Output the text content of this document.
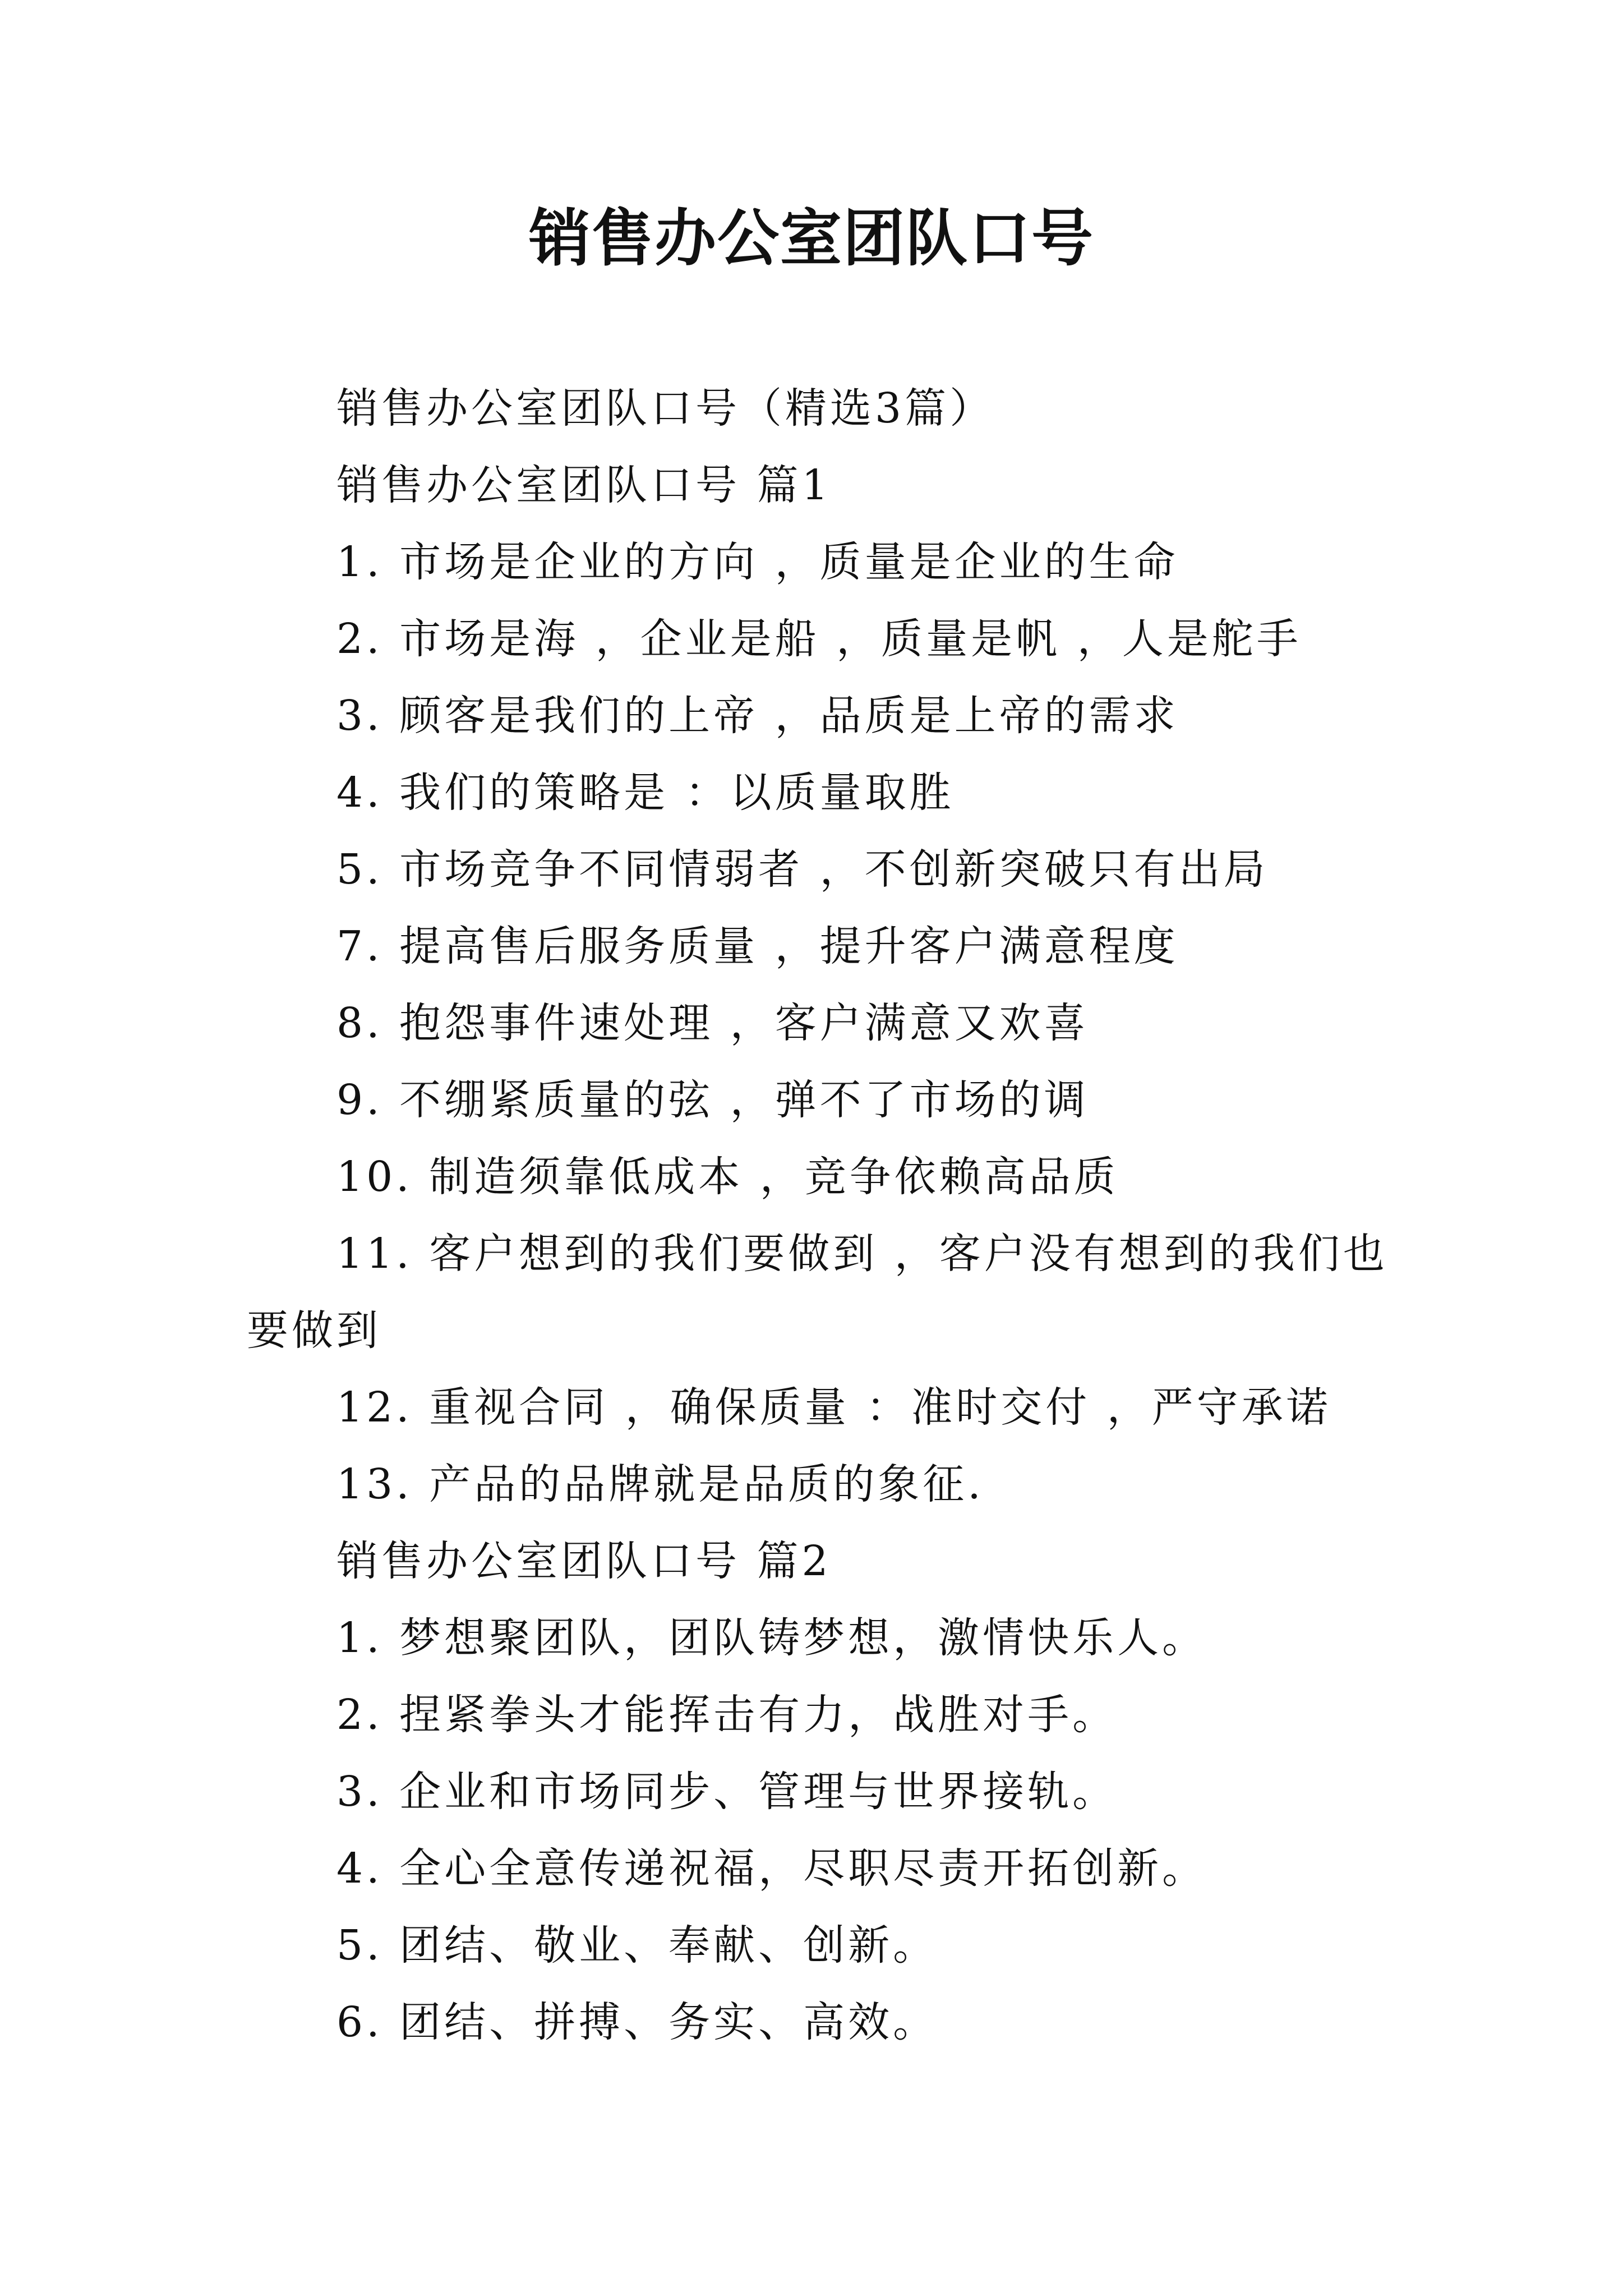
销售办公室团队口号
销售办公室团队口号（精选3篇）
销售办公室团队口号 篇1
1. 市场是企业的方向 ，质量是企业的生命
2. 市场是海 ，企业是船 ，质量是帆 ，人是舵手
3. 顾客是我们的上帝 ，品质是上帝的需求
4. 我们的策略是 ：以质量取胜
5. 市场竞争不同情弱者 ，不创新突破只有出局
7. 提高售后服务质量 ，提升客户满意程度
8. 抱怨事件速处理 ，客户满意又欢喜
9. 不绷紧质量的弦 ，弹不了市场的调
10. 制造须靠低成本 ，竞争依赖高品质
11. 客户想到的我们要做到 ，客户没有想到的我们也要做到
12. 重视合同 ，确保质量 ：准时交付 ，严守承诺
13. 产品的品牌就是品质的象征.
销售办公室团队口号 篇2
1. 梦想聚团队，团队铸梦想，激情快乐人。
2. 捏紧拳头才能挥击有力，战胜对手。
3. 企业和市场同步、管理与世界接轨。
4. 全心全意传递祝福，尽职尽责开拓创新。
5. 团结、敬业、奉献、创新。
6. 团结、拼搏、务实、高效。
